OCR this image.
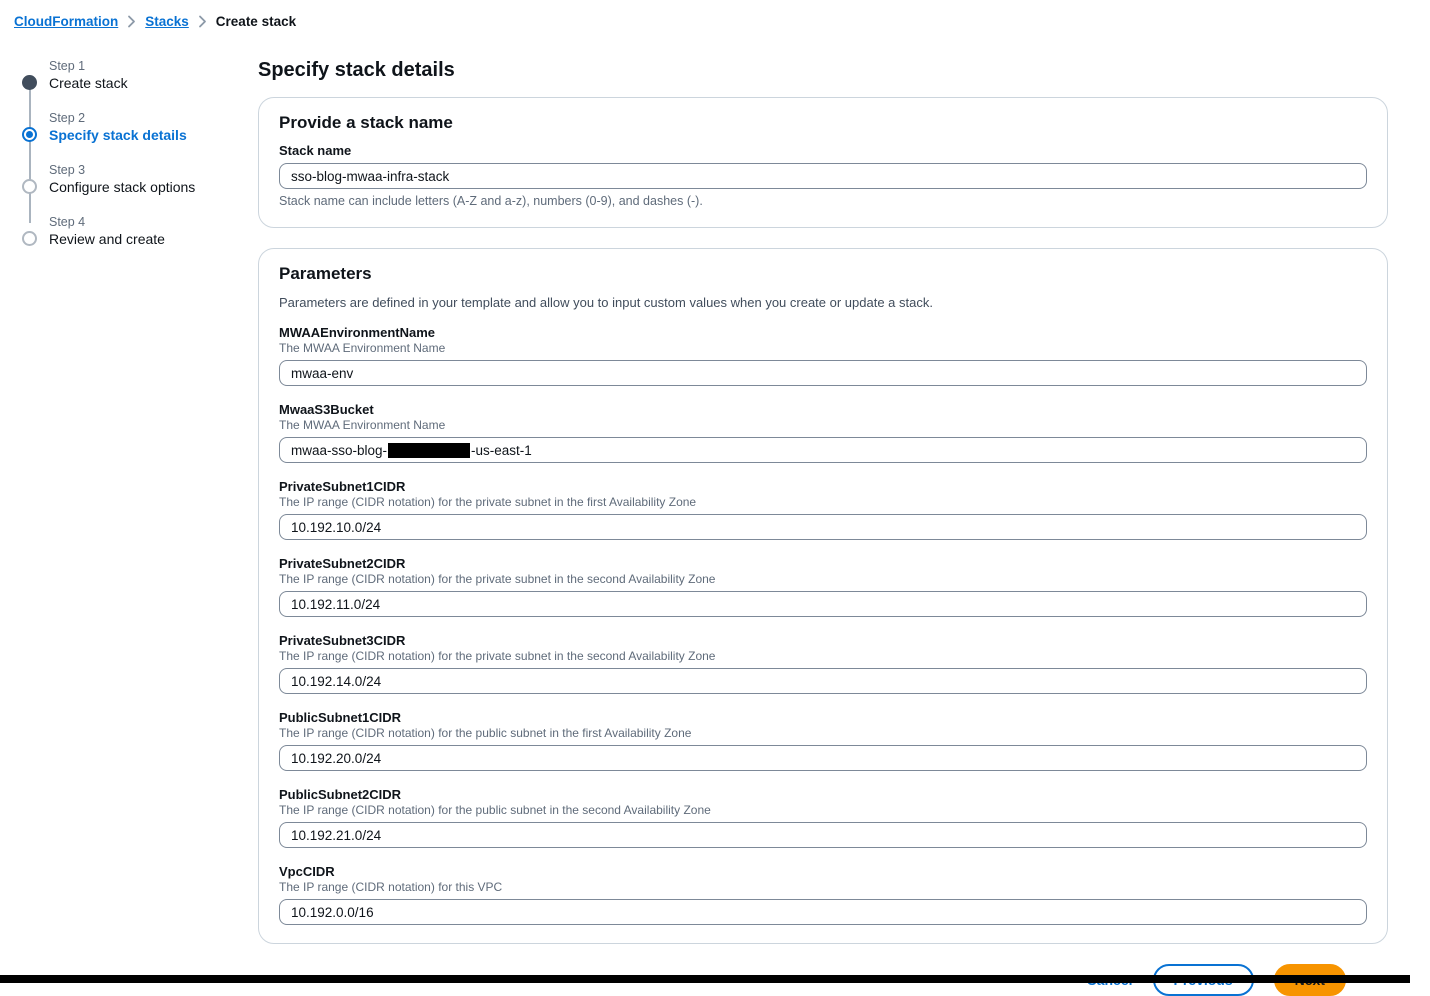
CloudFormation Stacks Create stack
Step 1
Create stack
Step 2
Specify stack details
Step 3
Configure stack options
Step 4
Review and create
Specify stack details
Provide a stack name
Stack name
sso-blog-mwaa-infra-stack
Stack name can include letters (A-Z and a-z), numbers (0-9), and dashes (-).
Parameters

Parameters are defined in your template and allow you to input custom values when you create or update a stack.

MWAAEnvironmentName
The MWAA Environment Name
mwaa-env
MwaaS3Bucket
The MWAA Environment Name
mwaa-sso-blog-	-us-east-1
PrivateSubnet1CIDR
The IP range (CIDR notation) for the private subnet in the first Availability Zone
10.192.10.0/24
PrivateSubnet2CIDR
The IP range (CIDR notation) for the private subnet in the second Availability Zone
10.192.11.0/24
PrivateSubnet3CIDR
The IP range (CIDR notation) for the private subnet in the second Availability Zone
10.192.14.0/24
PublicSubnet1CIDR
The IP range (CIDR notation) for the public subnet in the first Availability Zone
10.192.20.0/24
PublicSubnet2CIDR
The IP range (CIDR notation) for the public subnet in the second Availability Zone
10.192.21.0/24
VpcCIDR
The IP range (CIDR notation) for this VPC
10.192.0.0/16
